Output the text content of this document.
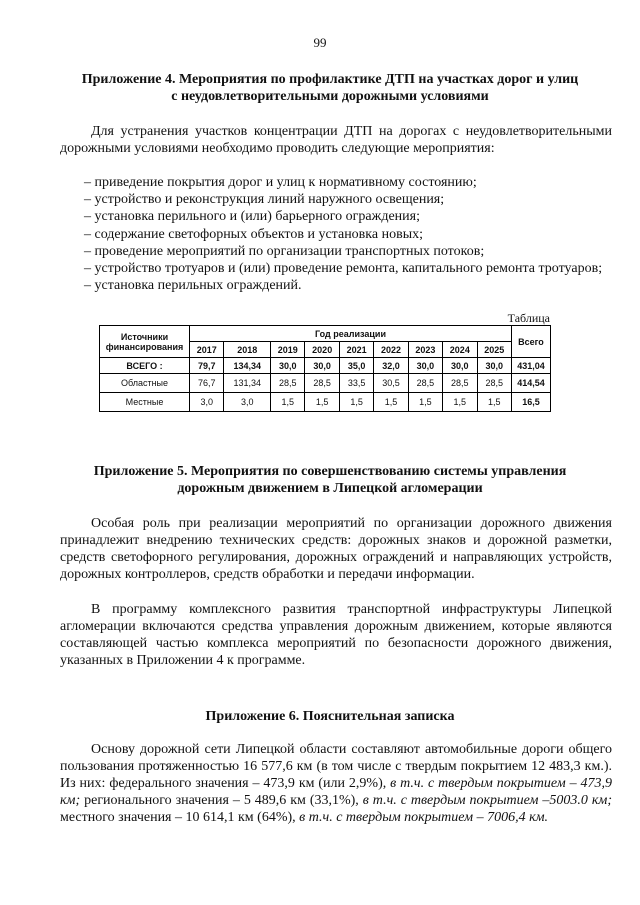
99
Приложение 4. Мероприятия по профилактике ДТП на участках дорог и улиц
с неудовлетворительными дорожными условиями
Для устранения участков концентрации ДТП на дорогах с неудовлетворительными дорожными условиями необходимо проводить следующие мероприятия:
– приведение покрытия дорог и улиц к нормативному состоянию;
– устройство и реконструкция линий наружного освещения;
– установка перильного и (или) барьерного ограждения;
– содержание светофорных объектов и установка новых;
– проведение мероприятий по организации транспортных потоков;
– устройство тротуаров и (или) проведение ремонта, капитального ремонта тротуаров;
– установка перильных ограждений.
Таблица
Источники финансирования	Год реализации									Всего
	2017	2018	2019	2020	2021	2022	2023	2024	2025	
ВСЕГО :	79,7	134,34	30,0	30,0	35,0	32,0	30,0	30,0	30,0	431,04
Областные	76,7	131,34	28,5	28,5	33,5	30,5	28,5	28,5	28,5	414,54
Местные	3,0	3,0	1,5	1,5	1,5	1,5	1,5	1,5	1,5	16,5
Приложение 5. Мероприятия по совершенствованию системы управления
дорожным движением в Липецкой агломерации
Особая роль при реализации мероприятий по организации дорожного движения принадлежит внедрению технических средств: дорожных знаков и дорожной разметки, средств светофорного регулирования, дорожных ограждений и направляющих устройств, дорожных контроллеров, средств обработки и передачи информации.
В программу комплексного развития транспортной инфраструктуры Липецкой агломерации включаются средства управления дорожным движением, которые являются составляющей частью комплекса мероприятий по безопасности дорожного движения, указанных в Приложении 4 к программе.
Приложение 6. Пояснительная записка
Основу дорожной сети Липецкой области составляют автомобильные дороги общего пользования протяженностью 16 577,6 км (в том числе с твердым покрытием 12 483,3 км.). Из них: федерального значения – 473,9 км (или 2,9%), в т.ч. с твердым покрытием – 473,9 км; регионального значения – 5 489,6 км (33,1%), в т.ч. с твердым покрытием –5003.0 км; местного значения – 10 614,1 км (64%), в т.ч. с твердым покрытием – 7006,4 км.
